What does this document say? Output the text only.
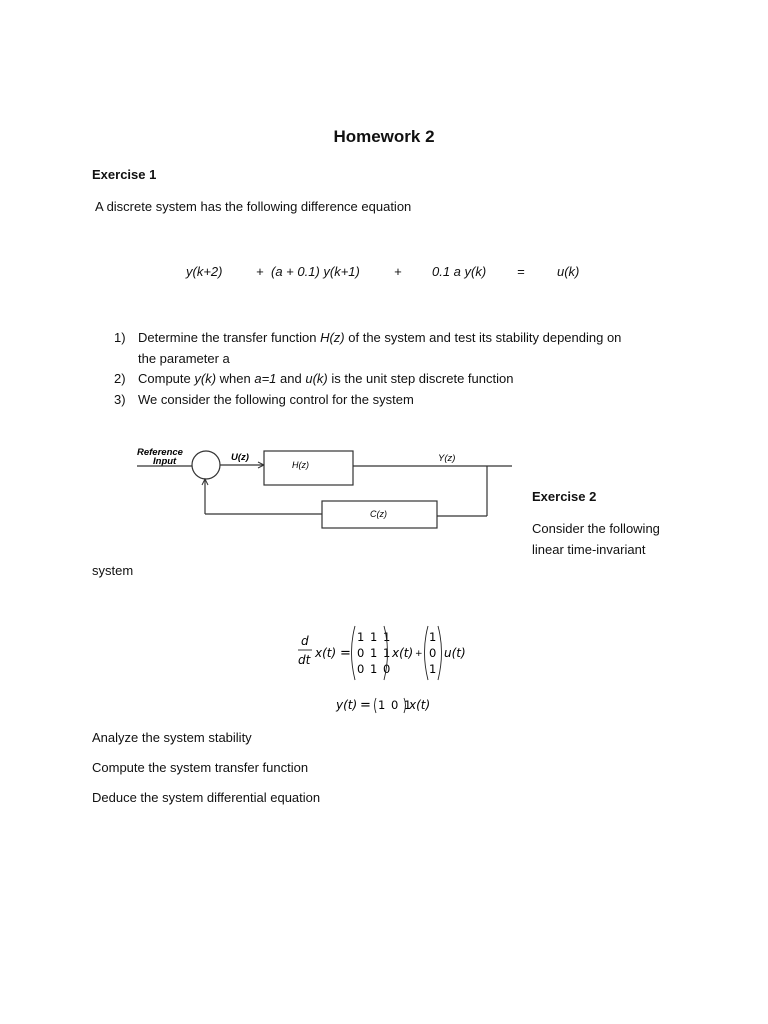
Homework 2
Exercise 1
A discrete system has the following difference equation
y(k+2)	+ (a + 0.1) y(k+1)	+ 0.1 a y(k) = u(k)
1) Determine the transfer function H(z) of the system and test its stability depending on
the parameter a
2) Compute y(k) when a=1 and u(k) is the unit step discrete function
3) We consider the following control for the system
Reference
Input	U(z)
H(z)
Y(z)
C(z)
Exercise 2
Consider the following
linear time-invariant
system
d
dt x(t) =
1 1 1
0 1 1
0 1 0
x(t) +
1
0
1
u(t)
y(t) = 1 0 1
x(t)
Analyze the system stability
Compute the system transfer function
Deduce the system differential equation
